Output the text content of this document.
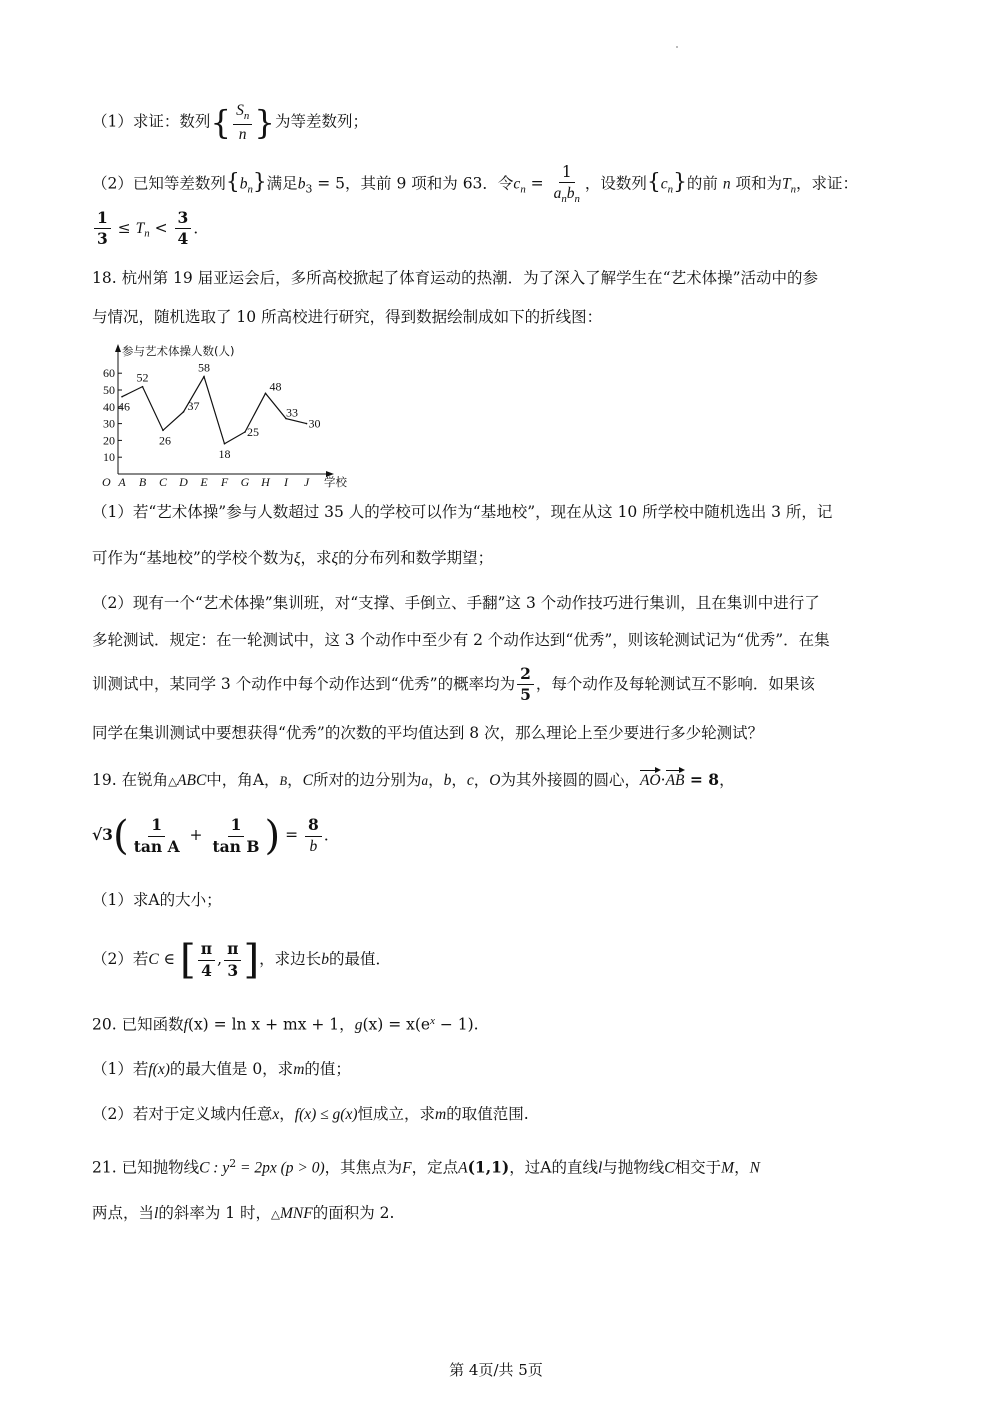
（1）求证：数列{ $\frac{S_n}{n}$ }为等差数列；
（2）已知等差数列$\{b_n\}$满足$b_3 = 5$，其前 9 项和为 63．令$c_n = \frac{1}{a_nb_n}$ ，设数列$\{c_n\}$的前 n 项和为$T_n$，求证：
$\frac{1}{3} \le T_n < \frac{3}{4}$ ．
18. 杭州第 19 届亚运会后，多所高校掀起了体育运动的热潮．为了深入了解学生在“艺术体操”活动中的参
与情况，随机选取了 10 所高校进行研究，得到数据绘制成如下的折线图：
10
20
30
40
50
60
A B C D E F G H I J
参与艺术体操人数(人)
学校
O
46
52
26
37
58
18
25
48
33
30
（1）若“艺术体操”参与人数超过 35 人的学校可以作为“基地校”，现在从这 10 所学校中随机选出 3 所，记
可作为“基地校”的学校个数为ξ，求ξ的分布列和数学期望；
（2）现有一个“艺术体操”集训班，对“支撑、手倒立、手翻”这 3 个动作技巧进行集训，且在集训中进行了
多轮测试．规定：在一轮测试中，这 3 个动作中至少有 2 个动作达到“优秀”，则该轮测试记为“优秀”．在集
训测试中，某同学 3 个动作中每个动作达到“优秀”的概率均为 $\frac{2}{5}$ ，每个动作及每轮测试互不影响．如果该
同学在集训测试中要想获得“优秀”的次数的平均值达到 8 次，那么理论上至少要进行多少轮测试？
19. 在锐角△ABC中，角A，B，C所对的边分别为a，b，c，O为其外接圆的圆心，AO·AB = 8，
$√3( \frac{1}{\text{tan A}} + \frac{1}{\text{tan B}}$ ) = $\frac{8}{b}$ ．
（1）求A的大小；
（2）若C ∈ [ $\frac{\pi}{4}$ , $\frac{\pi}{3}$ ]，求边长b的最值．
20. 已知函数f(x) = ln x + mx + 1，$g(x) = x(e^x - 1)$.
（1）若f(x)的最大值是 0，求m的值；
（2）若对于定义域内任意x，f(x) ≤ g(x)恒成立，求m的取值范围.
21. 已知抛物线C : $y^2 = 2px$ (p > 0)，其焦点为F，定点A(1,1)，过A的直线l与抛物线C相交于M，N
两点，当l的斜率为 1 时，△MNF的面积为 2.
第 4页/共 5页
